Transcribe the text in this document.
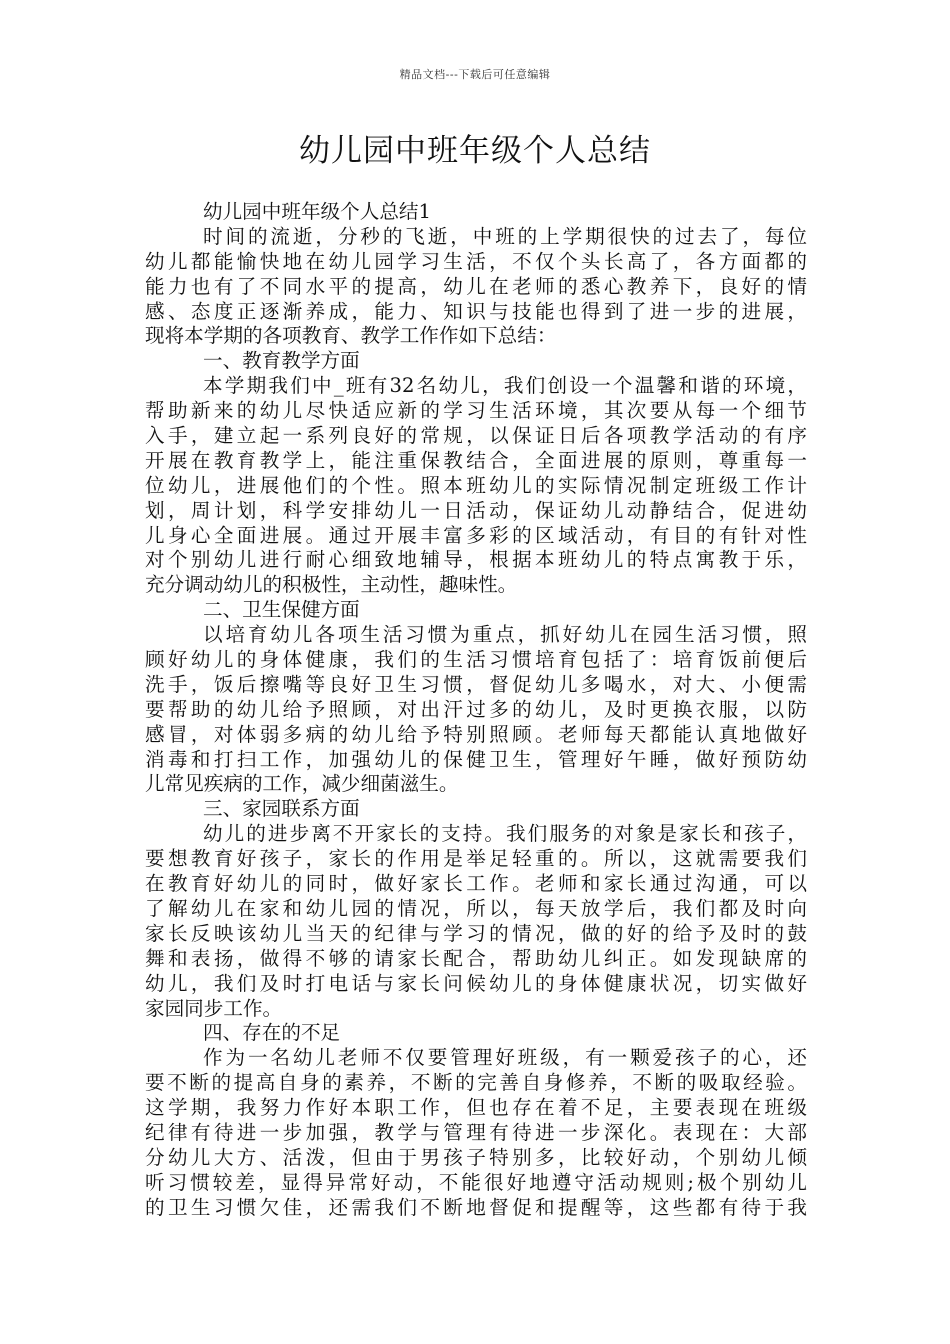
精品文档---下载后可任意编辑
幼儿园中班年级个人总结
幼儿园中班年级个人总结1
时间的流逝，分秒的飞逝，中班的上学期很快的过去了，每位
幼儿都能愉快地在幼儿园学习生活，不仅个头长高了，各方面都的
能力也有了不同水平的提高，幼儿在老师的悉心教养下，良好的情
感、态度正逐渐养成，能力、知识与技能也得到了进一步的进展，
现将本学期的各项教育、教学工作作如下总结：
一、教育教学方面
本学期我们中_班有32名幼儿，我们创设一个温馨和谐的环境，
帮助新来的幼儿尽快适应新的学习生活环境，其次要从每一个细节
入手，建立起一系列良好的常规，以保证日后各项教学活动的有序
开展在教育教学上，能注重保教结合，全面进展的原则，尊重每一
位幼儿，进展他们的个性。照本班幼儿的实际情况制定班级工作计
划，周计划，科学安排幼儿一日活动，保证幼儿动静结合，促进幼
儿身心全面进展。通过开展丰富多彩的区域活动，有目的有针对性
对个别幼儿进行耐心细致地辅导，根据本班幼儿的特点寓教于乐，
充分调动幼儿的积极性，主动性，趣味性。
二、卫生保健方面
以培育幼儿各项生活习惯为重点，抓好幼儿在园生活习惯，照
顾好幼儿的身体健康，我们的生活习惯培育包括了：培育饭前便后
洗手，饭后擦嘴等良好卫生习惯，督促幼儿多喝水，对大、小便需
要帮助的幼儿给予照顾，对出汗过多的幼儿，及时更换衣服，以防
感冒，对体弱多病的幼儿给予特别照顾。老师每天都能认真地做好
消毒和打扫工作，加强幼儿的保健卫生，管理好午睡，做好预防幼
儿常见疾病的工作，减少细菌滋生。
三、家园联系方面
幼儿的进步离不开家长的支持。我们服务的对象是家长和孩子，
要想教育好孩子，家长的作用是举足轻重的。所以，这就需要我们
在教育好幼儿的同时，做好家长工作。老师和家长通过沟通，可以
了解幼儿在家和幼儿园的情况，所以，每天放学后，我们都及时向
家长反映该幼儿当天的纪律与学习的情况，做的好的给予及时的鼓
舞和表扬，做得不够的请家长配合，帮助幼儿纠正。如发现缺席的
幼儿，我们及时打电话与家长问候幼儿的身体健康状况，切实做好
家园同步工作。
四、存在的不足
作为一名幼儿老师不仅要管理好班级，有一颗爱孩子的心，还
要不断的提高自身的素养，不断的完善自身修养，不断的吸取经验。
这学期，我努力作好本职工作，但也存在着不足，主要表现在班级
纪律有待进一步加强，教学与管理有待进一步深化。表现在：大部
分幼儿大方、活泼，但由于男孩子特别多，比较好动，个别幼儿倾
听习惯较差，显得异常好动，不能很好地遵守活动规则;极个别幼儿
的卫生习惯欠佳，还需我们不断地督促和提醒等，这些都有待于我
